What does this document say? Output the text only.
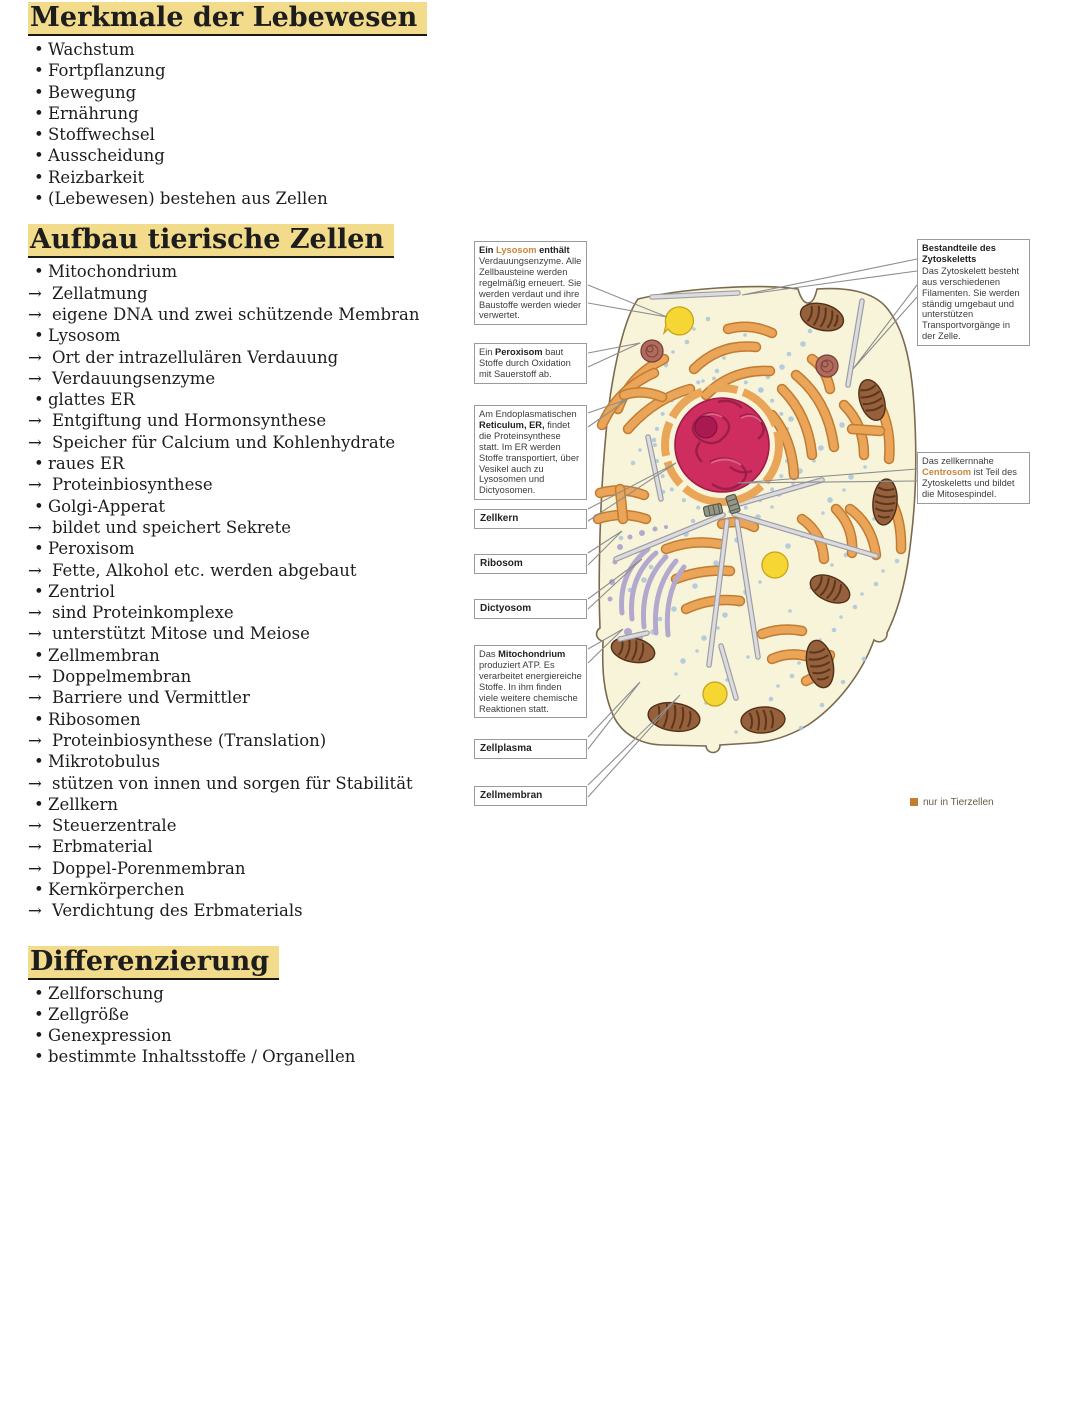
Merkmale der Lebewesen
•Wachstum
•Fortpflanzung
•Bewegung
•Ernährung
•Stoffwechsel
•Ausscheidung
•Reizbarkeit
•(Lebewesen) bestehen aus Zellen
Aufbau tierische Zellen
•Mitochondrium
→Zellatmung
→eigene DNA und zwei schützende Membran
•Lysosom
→Ort der intrazellulären Verdauung
→Verdauungsenzyme
•glattes ER
→Entgiftung und Hormonsynthese
→Speicher für Calcium und Kohlenhydrate
•raues ER
→Proteinbiosynthese
•Golgi-Apperat
→bildet und speichert Sekrete
•Peroxisom
→Fette, Alkohol etc. werden abgebaut
•Zentriol
→sind Proteinkomplexe
→unterstützt Mitose und Meiose
•Zellmembran
→Doppelmembran
→Barriere und Vermittler
•Ribosomen
→Proteinbiosynthese (Translation)
•Mikrotobulus
→stützen von innen und sorgen für Stabilität
•Zellkern
→Steuerzentrale
→Erbmaterial
→Doppel-Porenmembran
•Kernkörperchen
→Verdichtung des Erbmaterials
Differenzierung
•Zellforschung
•Zellgröße
•Genexpression
•bestimmte Inhaltsstoffe / Organellen

Ein Lysosom enthält Verdauungsenzyme. Alle Zellbausteine werden regelmäßig erneuert. Sie werden verdaut und ihre Baustoffe werden wieder verwertet.
Ein Peroxisom baut Stoffe durch Oxidation mit Sauerstoff ab.
Am Endoplasmatischen Reticulum, ER, findet die Proteinsynthese statt. Im ER werden Stoffe transportiert, über Vesikel auch zu Lysosomen und Dictyosomen.
Zellkern
Ribosom
Dictyosom
Das Mitochondrium produziert ATP. Es verarbeitet energiereiche Stoffe. In ihm finden viele weitere chemische Reaktionen statt.
Zellplasma
Zellmembran
Bestandteile des Zytoskeletts
Das Zytoskelett besteht aus verschiedenen Filamenten. Sie werden ständig umgebaut und unterstützen Transportvorgänge in der Zelle.
Das zellkernnahe Centrosom ist Teil des Zytoskeletts und bildet die Mitosespindel.
nur in Tierzellen
